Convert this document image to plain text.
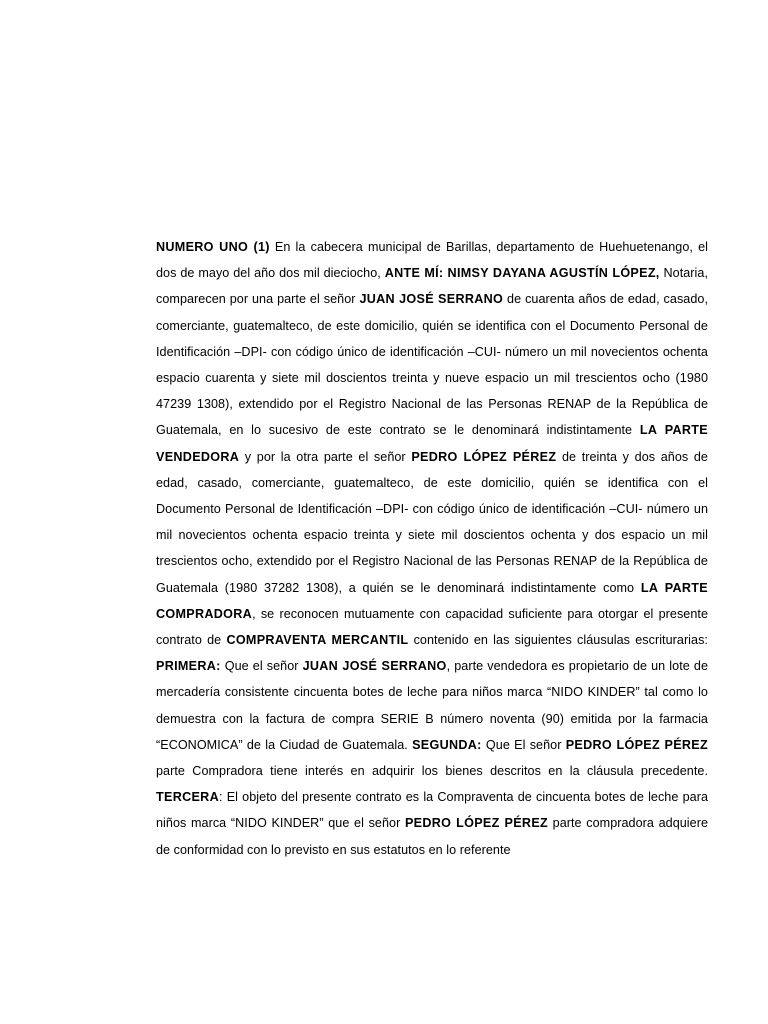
NUMERO UNO (1) En la cabecera municipal de Barillas, departamento de Huehuetenango, el dos de mayo del año dos mil dieciocho, ANTE MÍ: NIMSY DAYANA AGUSTÍN LÓPEZ, Notaria, comparecen por una parte el señor JUAN JOSÉ SERRANO de cuarenta años de edad, casado, comerciante, guatemalteco, de este domicilio, quién se identifica con el Documento Personal de Identificación –DPI- con código único de identificación –CUI- número un mil novecientos ochenta espacio cuarenta y siete mil doscientos treinta y nueve espacio un mil trescientos ocho (1980 47239 1308), extendido por el Registro Nacional de las Personas RENAP de la República de Guatemala, en lo sucesivo de este contrato se le denominará indistintamente LA PARTE VENDEDORA y por la otra parte el señor PEDRO LÓPEZ PÉREZ de treinta y dos años de edad, casado, comerciante, guatemalteco, de este domicilio, quién se identifica con el Documento Personal de Identificación –DPI- con código único de identificación –CUI- número un mil novecientos ochenta espacio treinta y siete mil doscientos ochenta y dos espacio un mil trescientos ocho, extendido por el Registro Nacional de las Personas RENAP de la República de Guatemala (1980 37282 1308), a quién se le denominará indistintamente como LA PARTE COMPRADORA, se reconocen mutuamente con capacidad suficiente para otorgar el presente contrato de COMPRAVENTA MERCANTIL contenido en las siguientes cláusulas escriturarias: PRIMERA: Que el señor JUAN JOSÉ SERRANO, parte vendedora es propietario de un lote de mercadería consistente cincuenta botes de leche para niños marca “NIDO KINDER” tal como lo demuestra con la factura de compra SERIE B número noventa (90) emitida por la farmacia “ECONOMICA” de la Ciudad de Guatemala. SEGUNDA: Que El señor PEDRO LÓPEZ PÉREZ parte Compradora tiene interés en adquirir los bienes descritos en la cláusula precedente. TERCERA: El objeto del presente contrato es la Compraventa de cincuenta botes de leche para niños marca “NIDO KINDER” que el señor PEDRO LÓPEZ PÉREZ parte compradora adquiere de conformidad con lo previsto en sus estatutos en lo referente
